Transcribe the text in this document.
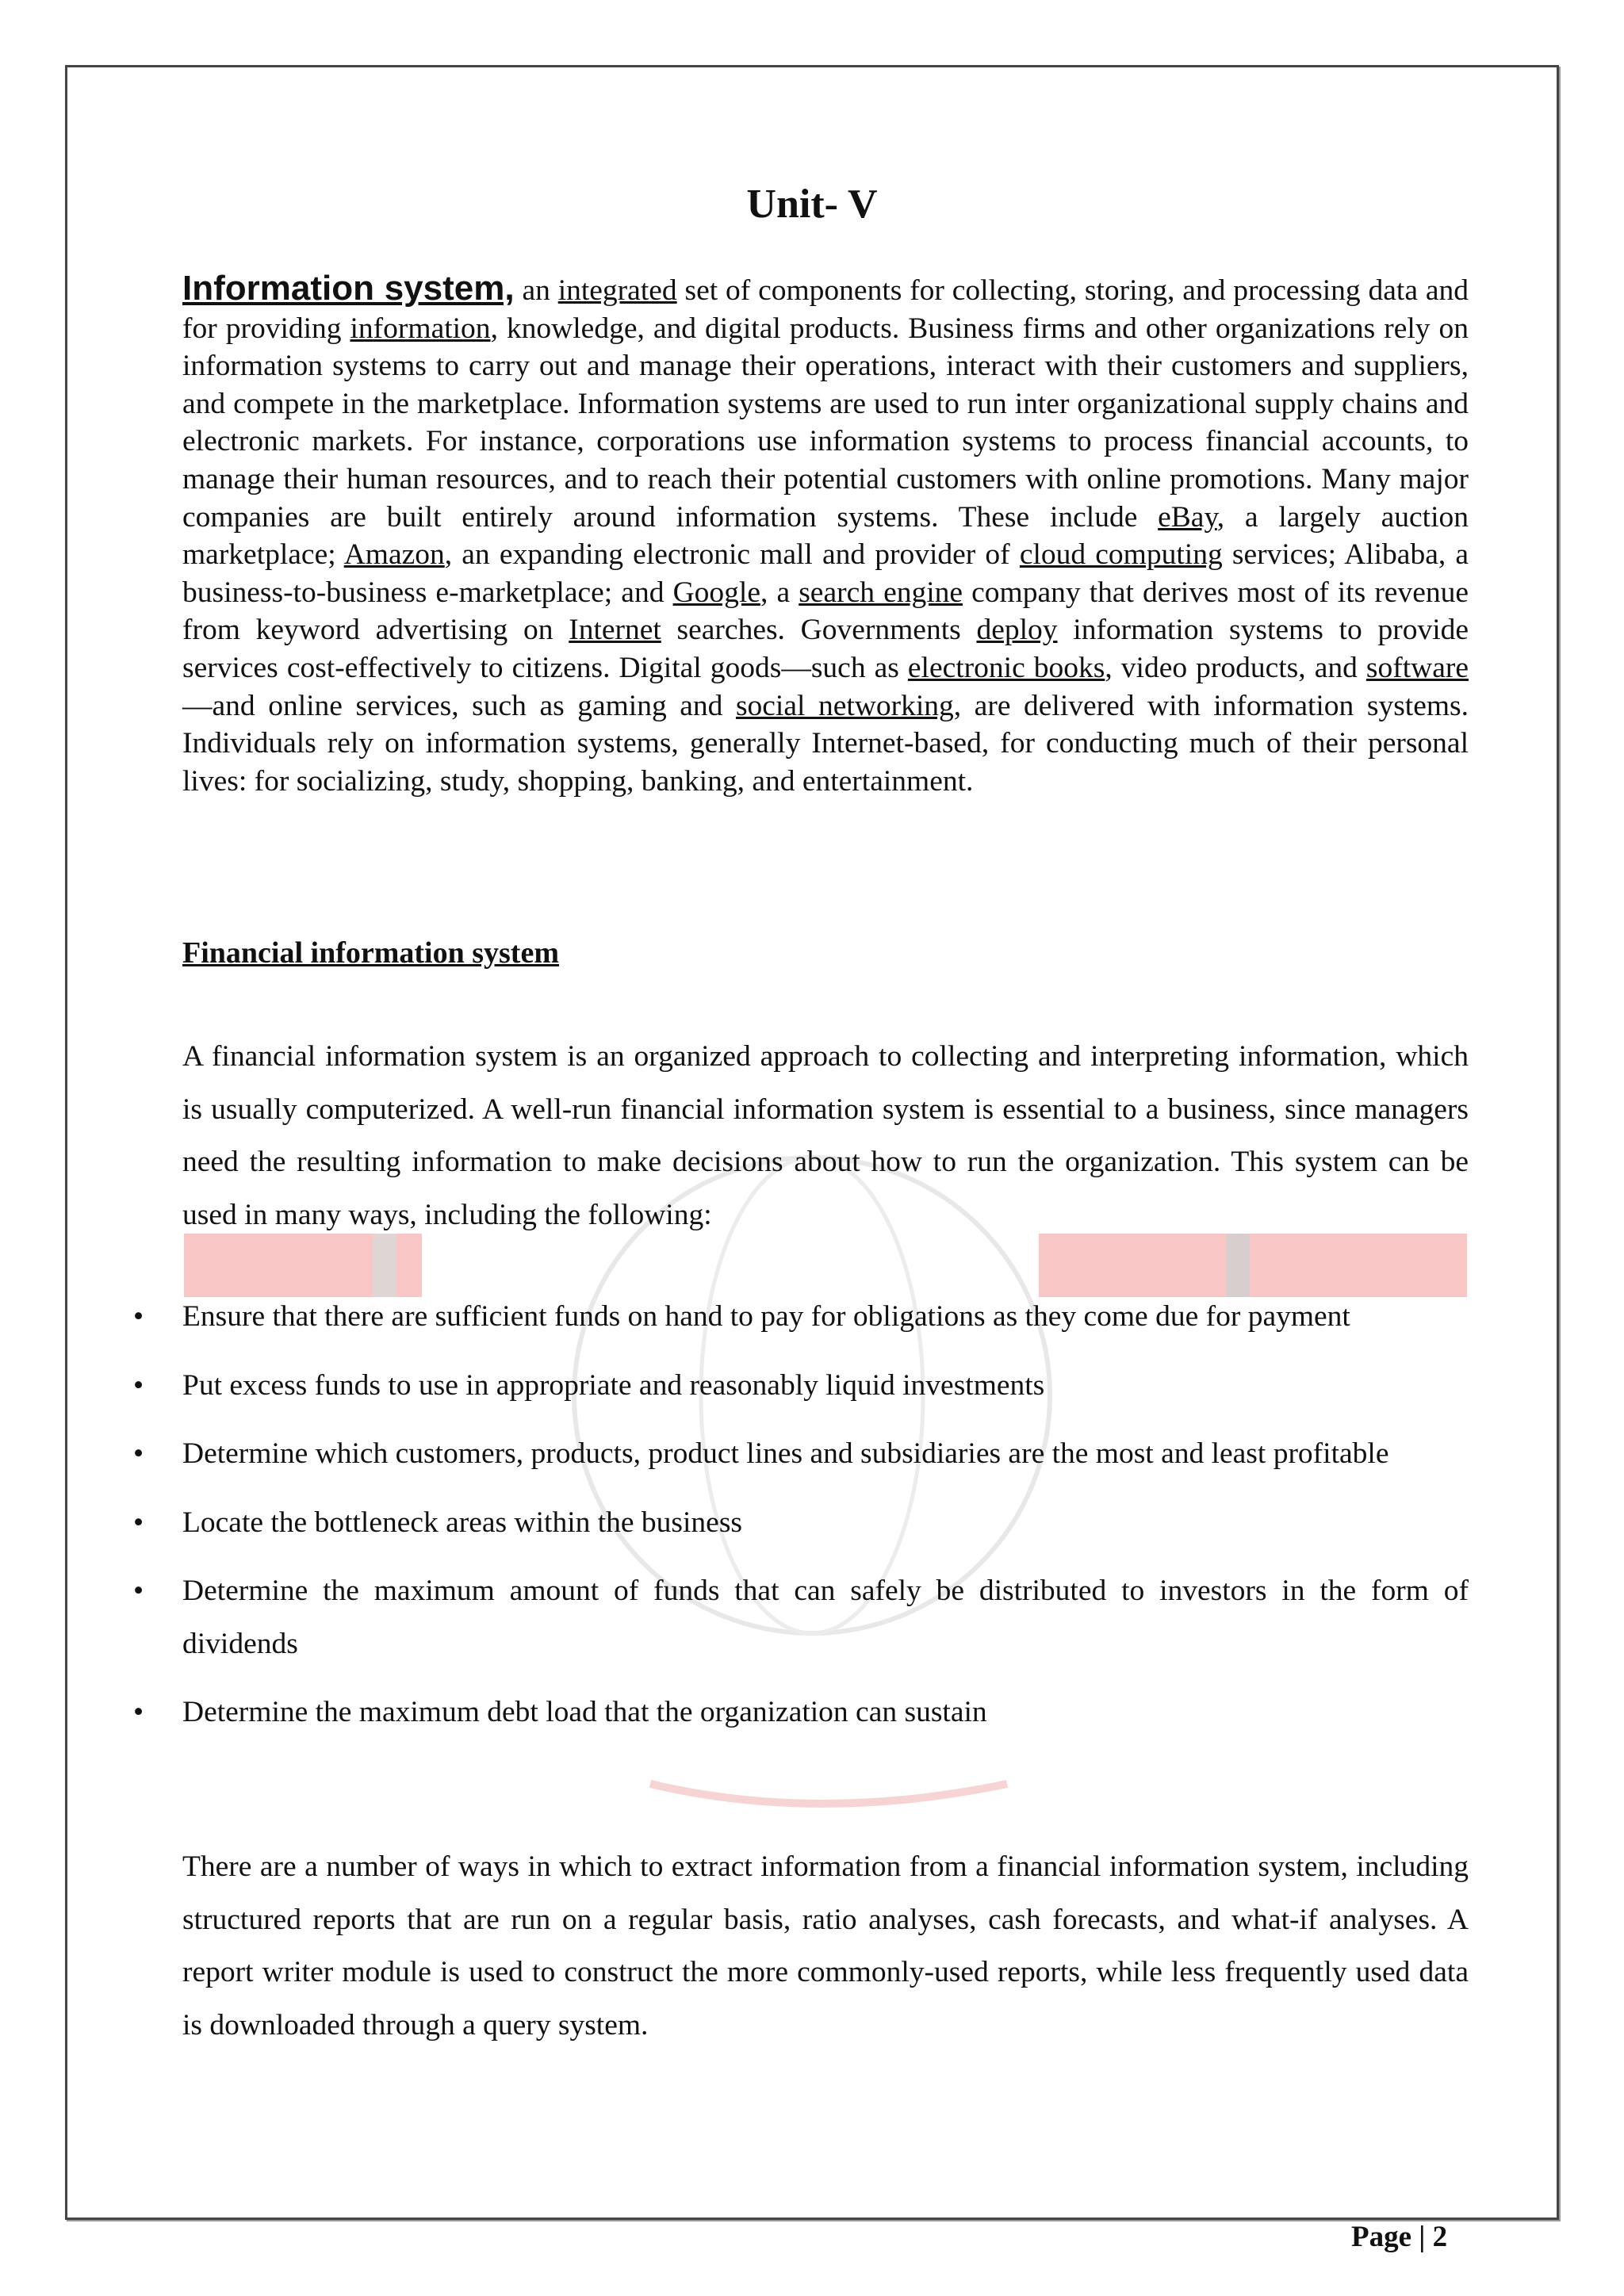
Unit- V

Information system, an integrated set of components for collecting, storing, and processing data and for providing information, knowledge, and digital products. Business firms and other organizations rely on information systems to carry out and manage their operations, interact with their customers and suppliers, and compete in the marketplace. Information systems are used to run inter organizational supply chains and electronic markets. For instance, corporations use information systems to process financial accounts, to manage their human resources, and to reach their potential customers with online promotions. Many major companies are built entirely around information systems. These include eBay, a largely auction marketplace; Amazon, an expanding electronic mall and provider of cloud computing services; Alibaba, a business-to-business e-marketplace; and Google, a search engine company that derives most of its revenue from keyword advertising on Internet searches. Governments deploy information systems to provide services cost-effectively to citizens. Digital goods—such as electronic books, video products, and software—and online services, such as gaming and social networking, are delivered with information systems. Individuals rely on information systems, generally Internet-based, for conducting much of their personal lives: for socializing, study, shopping, banking, and entertainment.

Financial information system

A financial information system is an organized approach to collecting and interpreting information, which is usually computerized. A well-run financial information system is essential to a business, since managers need the resulting information to make decisions about how to run the organization. This system can be used in many ways, including the following:

• Ensure that there are sufficient funds on hand to pay for obligations as they come due for payment
• Put excess funds to use in appropriate and reasonably liquid investments
• Determine which customers, products, product lines and subsidiaries are the most and least profitable
• Locate the bottleneck areas within the business
• Determine the maximum amount of funds that can safely be distributed to investors in the form of dividends
• Determine the maximum debt load that the organization can sustain

There are a number of ways in which to extract information from a financial information system, including structured reports that are run on a regular basis, ratio analyses, cash forecasts, and what-if analyses. A report writer module is used to construct the more commonly-used reports, while less frequently used data is downloaded through a query system.

Page | 2
